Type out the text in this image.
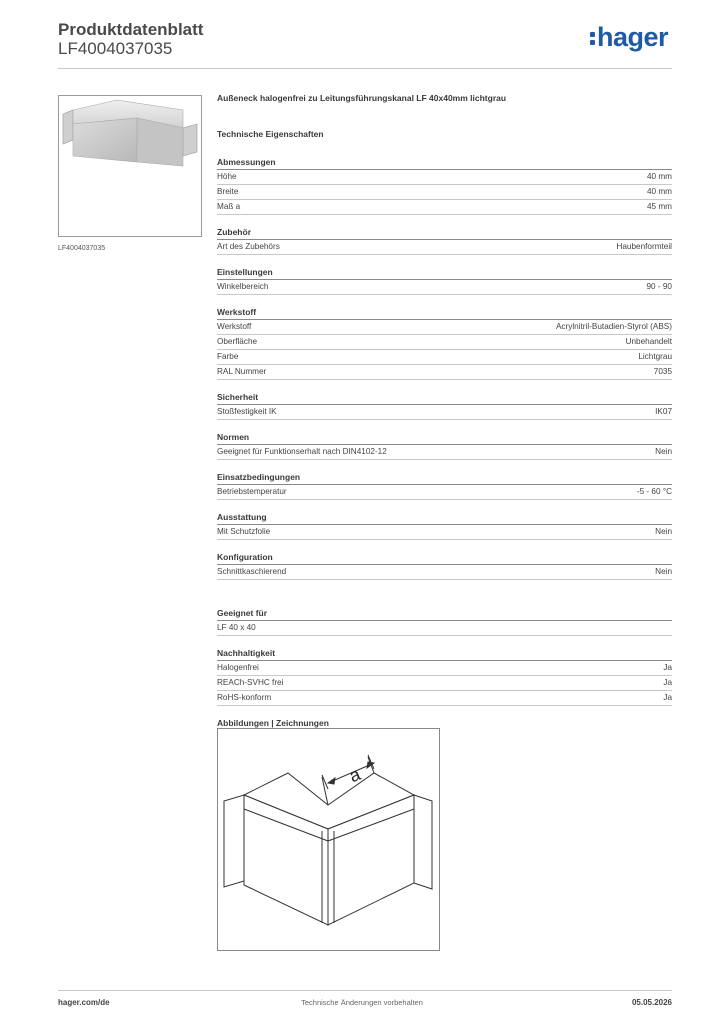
Produktdatenblatt
LF4004037035	hager
LF4004037035
Außeneck halogenfrei zu Leitungsführungskanal LF 40x40mm lichtgrau
Technische Eigenschaften
Abmessungen
Höhe	40 mm
Breite	40 mm
Maß a	45 mm
Zubehör
Art des Zubehörs	Haubenformteil
Einstellungen
Winkelbereich	90 - 90
Werkstoff
Werkstoff	Acrylnitril-Butadien-Styrol (ABS)
Oberfläche	Unbehandelt
Farbe	Lichtgrau
RAL Nummer	7035
Sicherheit
Stoßfestigkeit IK	IK07
Normen
Geeignet für Funktionserhalt nach DIN4102-12	Nein
Einsatzbedingungen
Betriebstemperatur	-5 - 60 °C
Ausstattung
Mit Schutzfolie	Nein
Konfiguration
Schnittkaschierend	Nein
Geeignet für
LF 40 x 40
Nachhaltigkeit
Halogenfrei	Ja
REACh-SVHC frei	Ja
RoHS-konform	Ja
Abbildungen | Zeichnungen
a
hager.com/de	Technische Änderungen vorbehalten	05.05.2026
